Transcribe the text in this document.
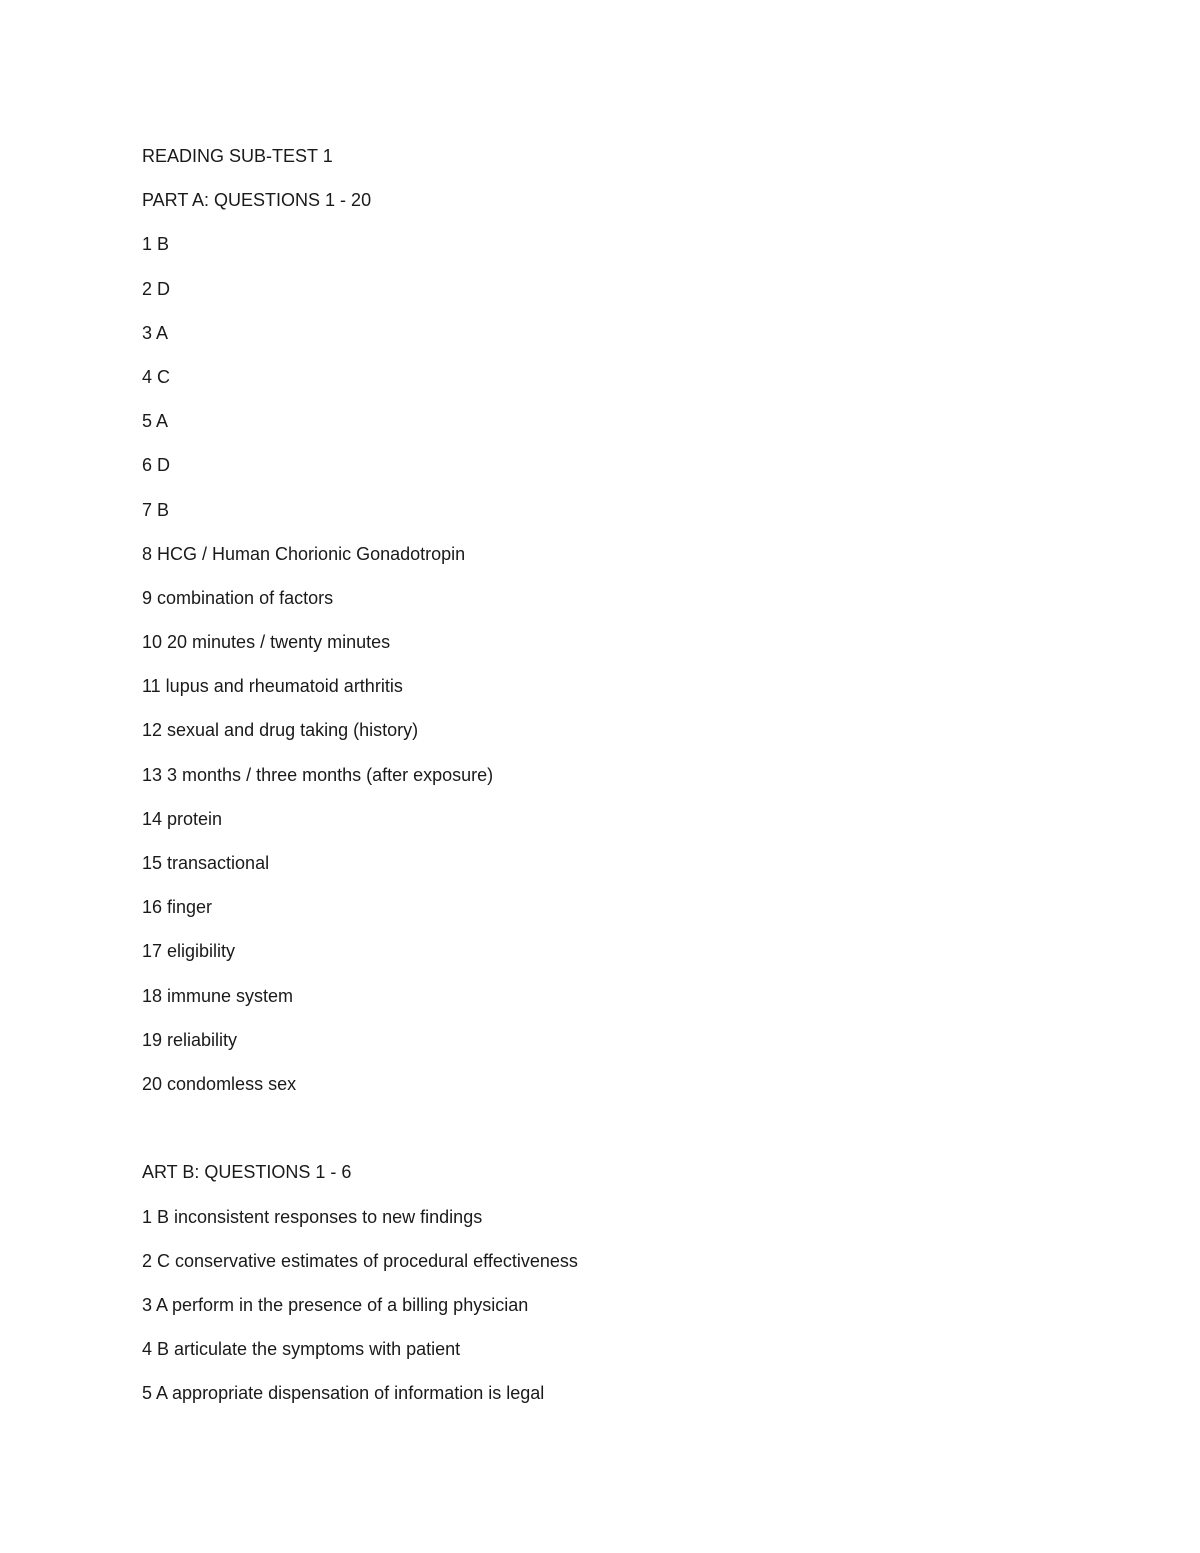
READING SUB-TEST 1
PART A: QUESTIONS 1 - 20
1 B
2 D
3 A
4 C
5 A
6 D
7 B
8 HCG / Human Chorionic Gonadotropin
9 combination of factors
10 20 minutes / twenty minutes
11 lupus and rheumatoid arthritis
12 sexual and drug taking (history)
13 3 months / three months (after exposure)
14 protein
15 transactional
16 finger
17 eligibility
18 immune system
19 reliability
20 condomless sex
ART B: QUESTIONS 1 - 6
1 B inconsistent responses to new findings
2 C conservative estimates of procedural effectiveness
3 A perform in the presence of a billing physician
4 B articulate the symptoms with patient
5 A appropriate dispensation of information is legal
